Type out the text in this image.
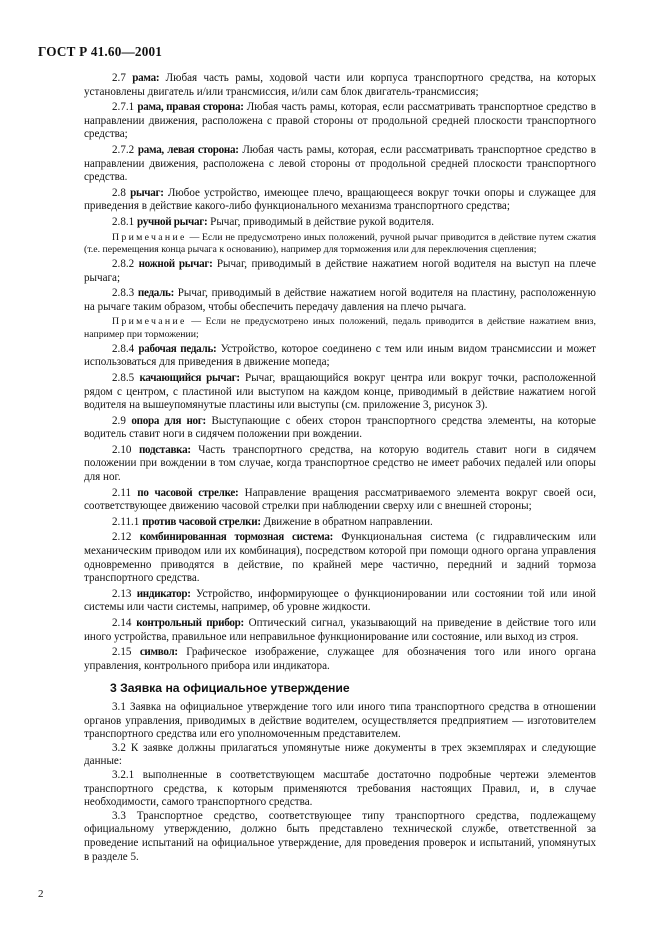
ГОСТ Р 41.60—2001

2.7 рама: Любая часть рамы, ходовой части или корпуса транспортного средства, на которых установлены двигатель и/или трансмиссия, и/или сам блок двигатель-трансмиссия;

2.7.1 рама, правая сторона: Любая часть рамы, которая, если рассматривать транспортное средство в направлении движения, расположена с правой стороны от продольной средней плоскости транспортного средства;

2.7.2 рама, левая сторона: Любая часть рамы, которая, если рассматривать транспортное средство в направлении движения, расположена с левой стороны от продольной средней плоскости транспортного средства.

2.8 рычаг: Любое устройство, имеющее плечо, вращающееся вокруг точки опоры и служащее для приведения в действие какого-либо функционального механизма транспортного средства;

2.8.1 ручной рычаг: Рычаг, приводимый в действие рукой водителя.

Примечание — Если не предусмотрено иных положений, ручной рычаг приводится в действие путем сжатия (т.е. перемещения конца рычага к основанию), например для торможения или для переключения сцепления;

2.8.2 ножной рычаг: Рычаг, приводимый в действие нажатием ногой водителя на выступ на плече рычага;

2.8.3 педаль: Рычаг, приводимый в действие нажатием ногой водителя на пластину, расположенную на рычаге таким образом, чтобы обеспечить передачу давления на плечо рычага.

Примечание — Если не предусмотрено иных положений, педаль приводится в действие нажатием вниз, например при торможении;

2.8.4 рабочая педаль: Устройство, которое соединено с тем или иным видом трансмиссии и может использоваться для приведения в движение мопеда;

2.8.5 качающийся рычаг: Рычаг, вращающийся вокруг центра или вокруг точки, расположенной рядом с центром, с пластиной или выступом на каждом конце, приводимый в действие нажатием ногой водителя на вышеупомянутые пластины или выступы (см. приложение 3, рисунок 3).

2.9 опора для ног: Выступающие с обеих сторон транспортного средства элементы, на которые водитель ставит ноги в сидячем положении при вождении.

2.10 подставка: Часть транспортного средства, на которую водитель ставит ноги в сидячем положении при вождении в том случае, когда транспортное средство не имеет рабочих педалей или опоры для ног.

2.11 по часовой стрелке: Направление вращения рассматриваемого элемента вокруг своей оси, соответствующее движению часовой стрелки при наблюдении сверху или с внешней стороны;

2.11.1 против часовой стрелки: Движение в обратном направлении.

2.12 комбинированная тормозная система: Функциональная система (с гидравлическим или механическим приводом или их комбинация), посредством которой при помощи одного органа управления одновременно приводятся в действие, по крайней мере частично, передний и задний тормоза транспортного средства.

2.13 индикатор: Устройство, информирующее о функционировании или состоянии той или иной системы или части системы, например, об уровне жидкости.

2.14 контрольный прибор: Оптический сигнал, указывающий на приведение в действие того или иного устройства, правильное или неправильное функционирование или состояние, или выход из строя.

2.15 символ: Графическое изображение, служащее для обозначения того или иного органа управления, контрольного прибора или индикатора.

3 Заявка на официальное утверждение

3.1 Заявка на официальное утверждение того или иного типа транспортного средства в отношении органов управления, приводимых в действие водителем, осуществляется предприятием — изготовителем транспортного средства или его уполномоченным представителем.

3.2 К заявке должны прилагаться упомянутые ниже документы в трех экземплярах и следующие данные:

3.2.1 выполненные в соответствующем масштабе достаточно подробные чертежи элементов транспортного средства, к которым применяются требования настоящих Правил, и, в случае необходимости, самого транспортного средства.

3.3 Транспортное средство, соответствующее типу транспортного средства, подлежащему официальному утверждению, должно быть представлено технической службе, ответственной за проведение испытаний на официальное утверждение, для проведения проверок и испытаний, упомянутых в разделе 5.

2
